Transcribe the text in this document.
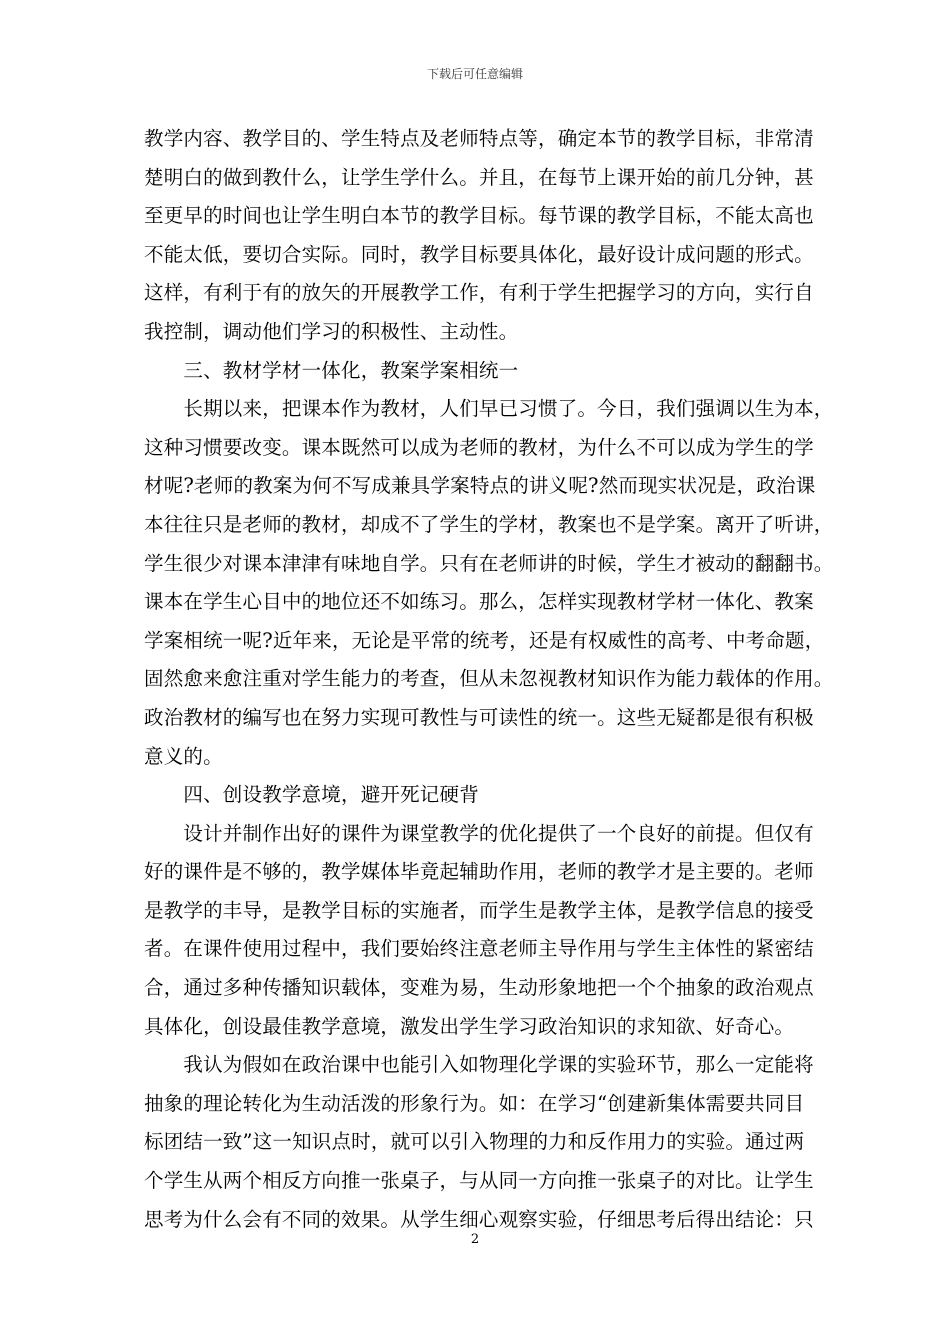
下载后可任意编辑
教学内容、教学目的、学生特点及老师特点等，确定本节的教学目标，非常清
楚明白的做到教什么，让学生学什么。并且，在每节上课开始的前几分钟，甚
至更早的时间也让学生明白本节的教学目标。每节课的教学目标，不能太高也
不能太低，要切合实际。同时，教学目标要具体化，最好设计成问题的形式。
这样，有利于有的放矢的开展教学工作，有利于学生把握学习的方向，实行自
我控制，调动他们学习的积极性、主动性。
　　三、教材学材一体化，教案学案相统一
　　长期以来，把课本作为教材，人们早已习惯了。今日，我们强调以生为本，
这种习惯要改变。课本既然可以成为老师的教材，为什么不可以成为学生的学
材呢?老师的教案为何不写成兼具学案特点的讲义呢?然而现实状况是，政治课
本往往只是老师的教材，却成不了学生的学材，教案也不是学案。离开了听讲，
学生很少对课本津津有味地自学。只有在老师讲的时候，学生才被动的翻翻书。
课本在学生心目中的地位还不如练习。那么，怎样实现教材学材一体化、教案
学案相统一呢?近年来，无论是平常的统考，还是有权威性的高考、中考命题，
固然愈来愈注重对学生能力的考查，但从未忽视教材知识作为能力载体的作用。
政治教材的编写也在努力实现可教性与可读性的统一。这些无疑都是很有积极
意义的。
　　四、创设教学意境，避开死记硬背
　　设计并制作出好的课件为课堂教学的优化提供了一个良好的前提。但仅有
好的课件是不够的，教学媒体毕竟起辅助作用，老师的教学才是主要的。老师
是教学的丰导，是教学目标的实施者，而学生是教学主体，是教学信息的接受
者。在课件使用过程中，我们要始终注意老师主导作用与学生主体性的紧密结
合，通过多种传播知识载体，变难为易，生动形象地把一个个抽象的政治观点
具体化，创设最佳教学意境，激发出学生学习政治知识的求知欲、好奇心。
　　我认为假如在政治课中也能引入如物理化学课的实验环节，那么一定能将
抽象的理论转化为生动活泼的形象行为。如：在学习“创建新集体需要共同目
标团结一致”这一知识点时，就可以引入物理的力和反作用力的实验。通过两
个学生从两个相反方向推一张桌子，与从同一方向推一张桌子的对比。让学生
思考为什么会有不同的效果。从学生细心观察实验，仔细思考后得出结论：只
2
